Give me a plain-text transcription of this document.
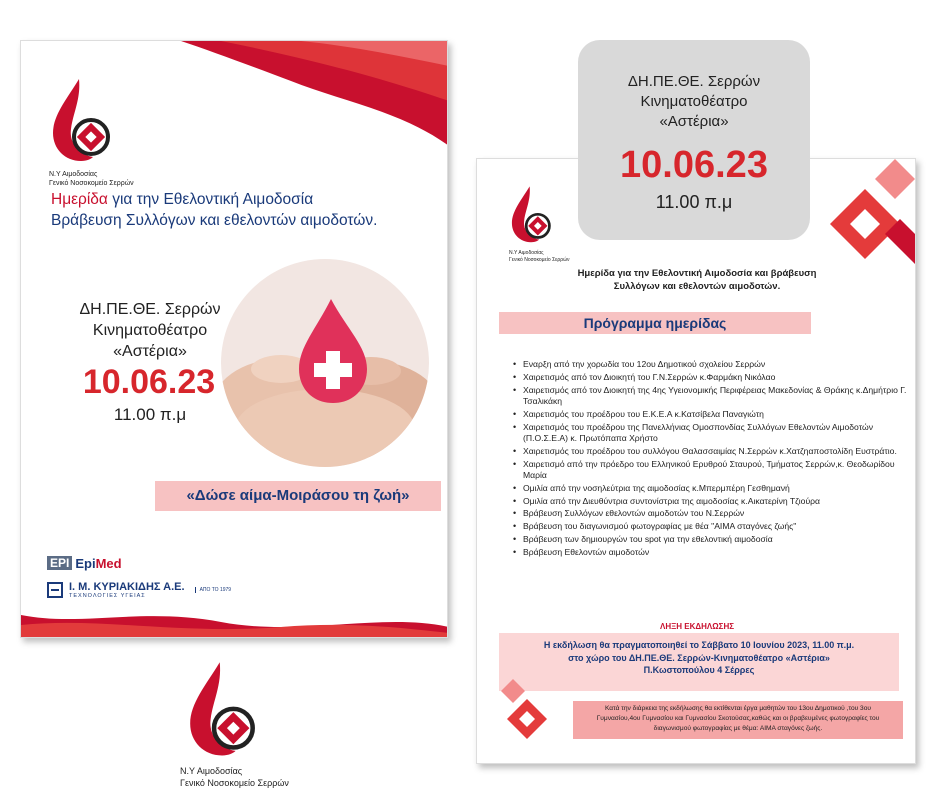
Ν.Υ Αιμοδοσίας
Γενικό Νοσοκομείο Σερρών
Ημερίδα για την Εθελοντική Αιμοδοσία
Βράβευση Συλλόγων και εθελοντών αιμοδοτών.
ΔΗ.ΠΕ.ΘΕ. Σερρών
Κινηματοθέατρο
«Αστέρια»
10.06.23
11.00 π.μ
«Δώσε αίμα-Μοιράσου τη ζωή»
EPI EpiMed
Ι. Μ. ΚΥΡΙΑΚΙΔΗΣ Α.Ε.
ΤΕΧΝΟΛΟΓΙΕΣ ΥΓΕΙΑΣ
ΑΠΟ ΤΟ 1979
Ν.Υ Αιμοδοσίας
Γενικό Νοσοκομείο Σερρών
Ημερίδα για την Εθελοντική Αιμοδοσία και βράβευση
Συλλόγων και εθελοντών αιμοδοτών.
Πρόγραμμα ημερίδας
• Εναρξη από την χορωδία του 12ου Δημοτικού σχολείου Σερρών
• Χαιρετισμός από τον Διοικητή του Γ.Ν.Σερρών κ.Φαρμάκη Νικόλαο
• Χαιρετισμός από τον Διοικητή της 4ης Υγειονομικής Περιφέρειας Μακεδονίας & Θράκης κ.Δημήτριο Γ. Τσαλικάκη
• Χαιρετισμός του προέδρου του Ε.Κ.Ε.Α κ.Κατσίβελα Παναγιώτη
• Χαιρετισμός του προέδρου της Πανελλήνιας Ομοσπονδίας Συλλόγων Εθελοντών Αιμοδοτών (Π.Ο.Σ.Ε.Α) κ. Πρωτόπαπα Χρήστο
• Χαιρετισμός του προέδρου του συλλόγου Θαλασσαιμίας Ν.Σερρών κ.Χατζηαποστολίδη Ευστράτιο.
• Χαιρετισμό από την πρόεδρο του Ελληνικού Ερυθρού Σταυρού, Τμήματος Σερρών,κ. Θεοδωρίδου Μαρία
• Ομιλία από την νοσηλεύτρια της αιμοδοσίας κ.Μπερμπέρη Γεσθημανή
• Ομιλία από την Διευθύντρια συντονίστρια της αιμοδοσίας κ.Αικατερίνη Τζιούρα
• Βράβευση Συλλόγων εθελοντών αιμοδοτών του Ν.Σερρών
• Βράβευση του διαγωνισμού φωτογραφίας με θέα "ΑΙΜΑ σταγόνες ζωής"
• Βράβευση των δημιουργών του spot για την εθελοντική αιμοδοσία
• Βράβευση Εθελοντών αιμοδοτών
ΛΗΞΗ ΕΚΔΗΛΩΣΗΣ
Η εκδήλωση θα πραγματοποιηθεί το Σάββατο 10 Ιουνίου 2023, 11.00 π.μ.
στο χώρο του ΔΗ.ΠΕ.ΘΕ. Σερρών-Κινηματοθέατρο «Αστέρια»
Π.Κωστοπούλου 4 Σέρρες
Κατά την διάρκεια της εκδήλωσης θα εκτίθενται έργα μαθητών του 13ου Δημοτικού ,του 3ου
Γυμνασίου,4ου Γυμνασίου και Γυμνασίου Σκοτούσας,καθώς και οι βραβευμένες φωτογραφίες του
διαγωνισμού φωτογραφίας με θέμα: ΑΙΜΑ σταγόνες ζωής.
ΔΗ.ΠΕ.ΘΕ. Σερρών
Κινηματοθέατρο
«Αστέρια»
10.06.23
11.00 π.μ
Ν.Υ Αιμοδοσίας
Γενικό Νοσοκομείο Σερρών
